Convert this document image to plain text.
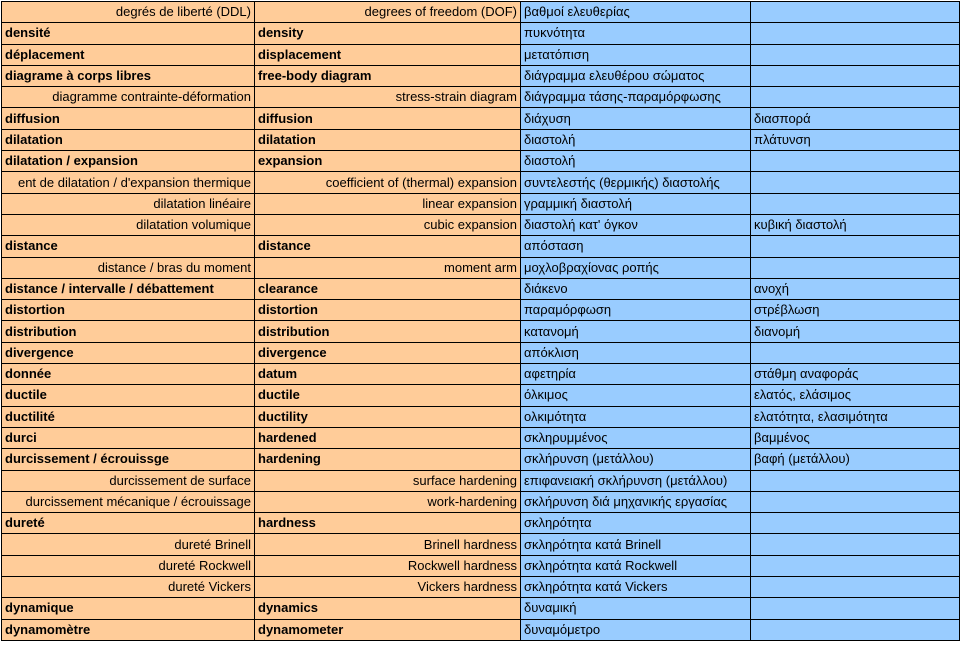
degrés de liberté (DDL)	degrees of freedom (DOF)	βαθμοί ελευθερίας	
densité	density	πυκνότητα	
déplacement	displacement	μετατόπιση	
diagrame à corps libres	free-body diagram	διάγραμμα ελευθέρου σώματος	
diagramme contrainte-déformation	stress-strain diagram	διάγραμμα τάσης-παραμόρφωσης	
diffusion	diffusion	διάχυση	διασπορά
dilatation	dilatation	διαστολή	πλάτυνση
dilatation / expansion	expansion	διαστολή	
ent de dilatation / d'expansion thermique	coefficient of (thermal) expansion	συντελεστής (θερμικής) διαστολής	
dilatation linéaire	linear expansion	γραμμική διαστολή	
dilatation volumique	cubic expansion	διαστολή κατ' όγκον	κυβική διαστολή
distance	distance	απόσταση	
distance / bras du moment	moment arm	μοχλοβραχίονας ροπής	
distance / intervalle / débattement	clearance	διάκενο	ανοχή
distortion	distortion	παραμόρφωση	στρέβλωση
distribution	distribution	κατανομή	διανομή
divergence	divergence	απόκλιση	
donnée	datum	αφετηρία	στάθμη αναφοράς
ductile	ductile	όλκιμος	ελατός, ελάσιμος
ductilité	ductility	ολκιμότητα	ελατότητα, ελασιμότητα
durci	hardened	σκληρυμμένος	βαμμένος
durcissement / écrouissge	hardening	σκλήρυνση (μετάλλου)	βαφή (μετάλλου)
durcissement de surface	surface hardening	επιφανειακή σκλήρυνση (μετάλλου)	
durcissement mécanique / écrouissage	work-hardening	σκλήρυνση διά μηχανικής εργασίας	
dureté	hardness	σκληρότητα	
dureté Brinell	Brinell hardness	σκληρότητα κατά Brinell	
dureté Rockwell	Rockwell hardness	σκληρότητα κατά Rockwell	
dureté Vickers	Vickers hardness	σκληρότητα κατά Vickers	
dynamique	dynamics	δυναμική	
dynamomètre	dynamometer	δυναμόμετρο	
